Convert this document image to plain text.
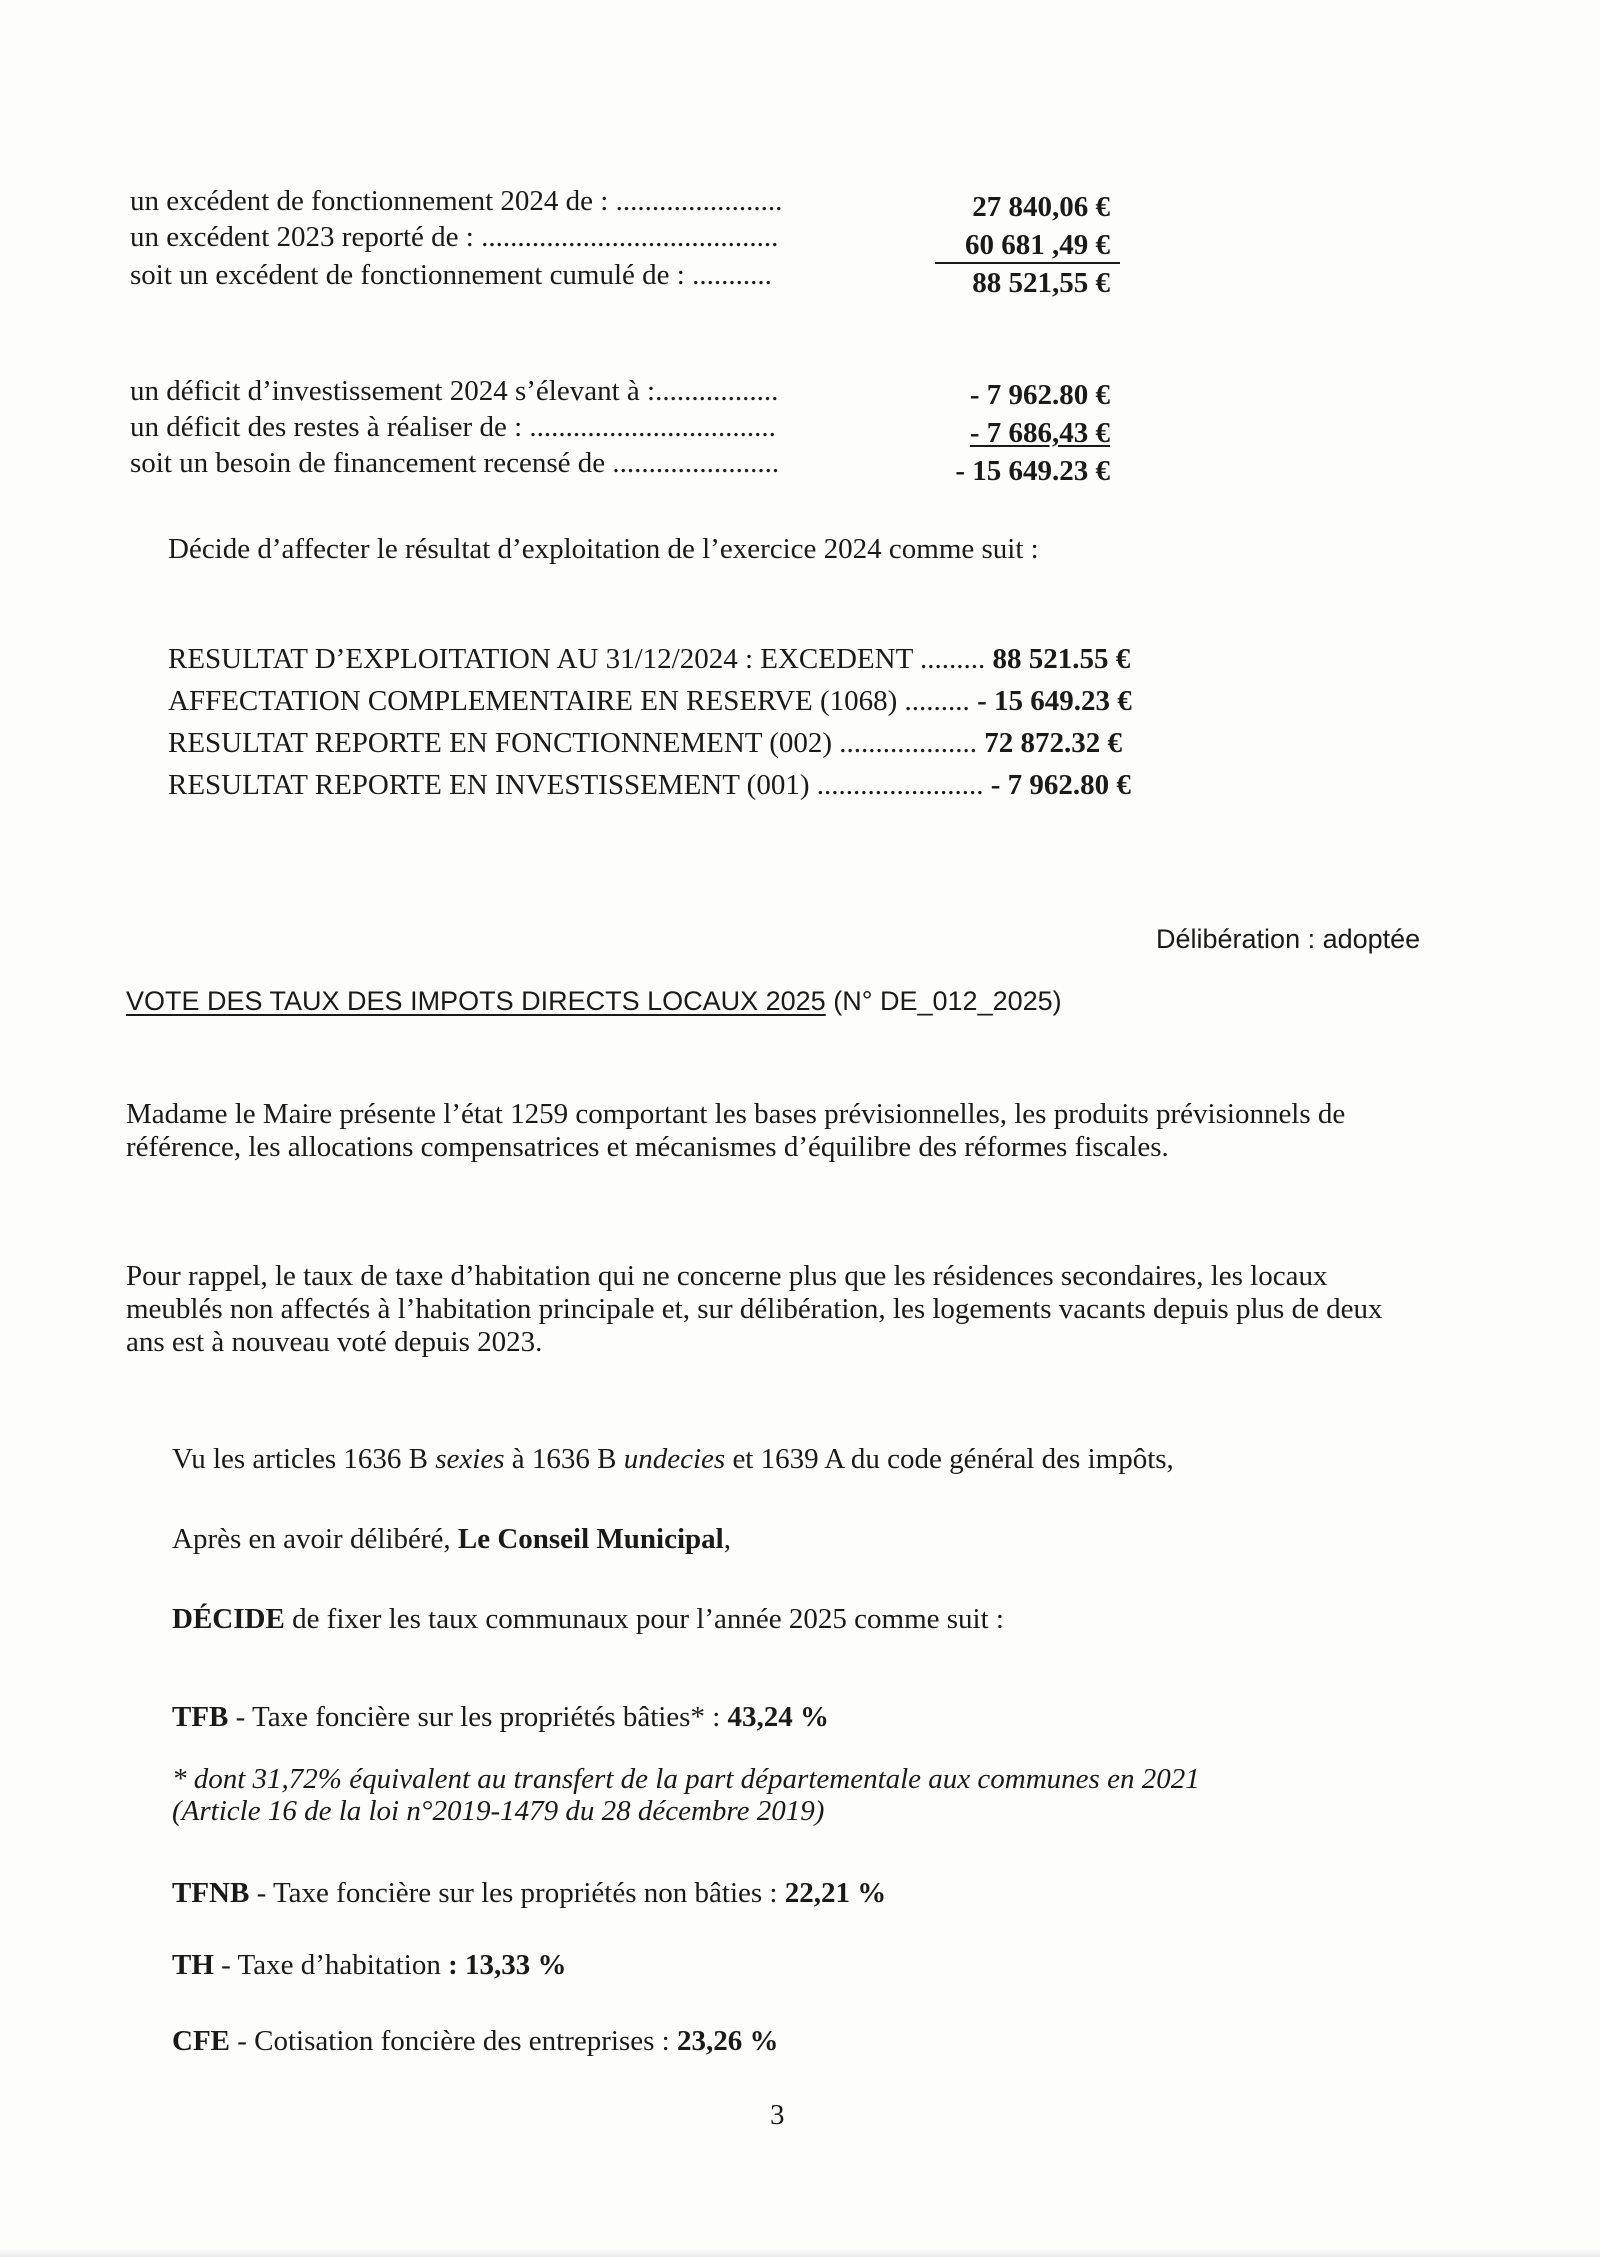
un excédent de fonctionnement 2024 de : .......................	27 840,06 €
un excédent 2023 reporté de : .........................................	60 681 ,49 €
soit un excédent de fonctionnement cumulé de : ...........	88 521,55 €
un déficit d’investissement 2024 s’élevant à :.................	- 7 962.80 €
un déficit des restes à réaliser de : ..................................	- 7 686,43 €
soit un besoin de financement recensé de .......................	- 15 649.23 €
Décide d’affecter le résultat d’exploitation de l’exercice 2024 comme suit :
RESULTAT D’EXPLOITATION AU 31/12/2024 : EXCEDENT ......... 88 521.55 €
AFFECTATION COMPLEMENTAIRE EN RESERVE (1068) ......... - 15 649.23 €
RESULTAT REPORTE EN FONCTIONNEMENT (002) ................... 72 872.32 €
RESULTAT REPORTE EN INVESTISSEMENT (001) ....................... - 7 962.80 €
Délibération : adoptée
VOTE DES TAUX DES IMPOTS DIRECTS LOCAUX 2025 (N° DE_012_2025)
Madame le Maire présente l’état 1259 comportant les bases prévisionnelles, les produits prévisionnels de référence, les allocations compensatrices et mécanismes d’équilibre des réformes fiscales.
Pour rappel, le taux de taxe d’habitation qui ne concerne plus que les résidences secondaires, les locaux meublés non affectés à l’habitation principale et, sur délibération, les logements vacants depuis plus de deux ans est à nouveau voté depuis 2023.
Vu les articles 1636 B sexies à 1636 B undecies et 1639 A du code général des impôts,
Après en avoir délibéré, Le Conseil Municipal,
DÉCIDE de fixer les taux communaux pour l’année 2025 comme suit :
TFB - Taxe foncière sur les propriétés bâties* : 43,24 %
* dont 31,72% équivalent au transfert de la part départementale aux communes en 2021
(Article 16 de la loi n°2019-1479 du 28 décembre 2019)
TFNB - Taxe foncière sur les propriétés non bâties : 22,21 %
TH - Taxe d’habitation : 13,33 %
CFE - Cotisation foncière des entreprises : 23,26 %
3
